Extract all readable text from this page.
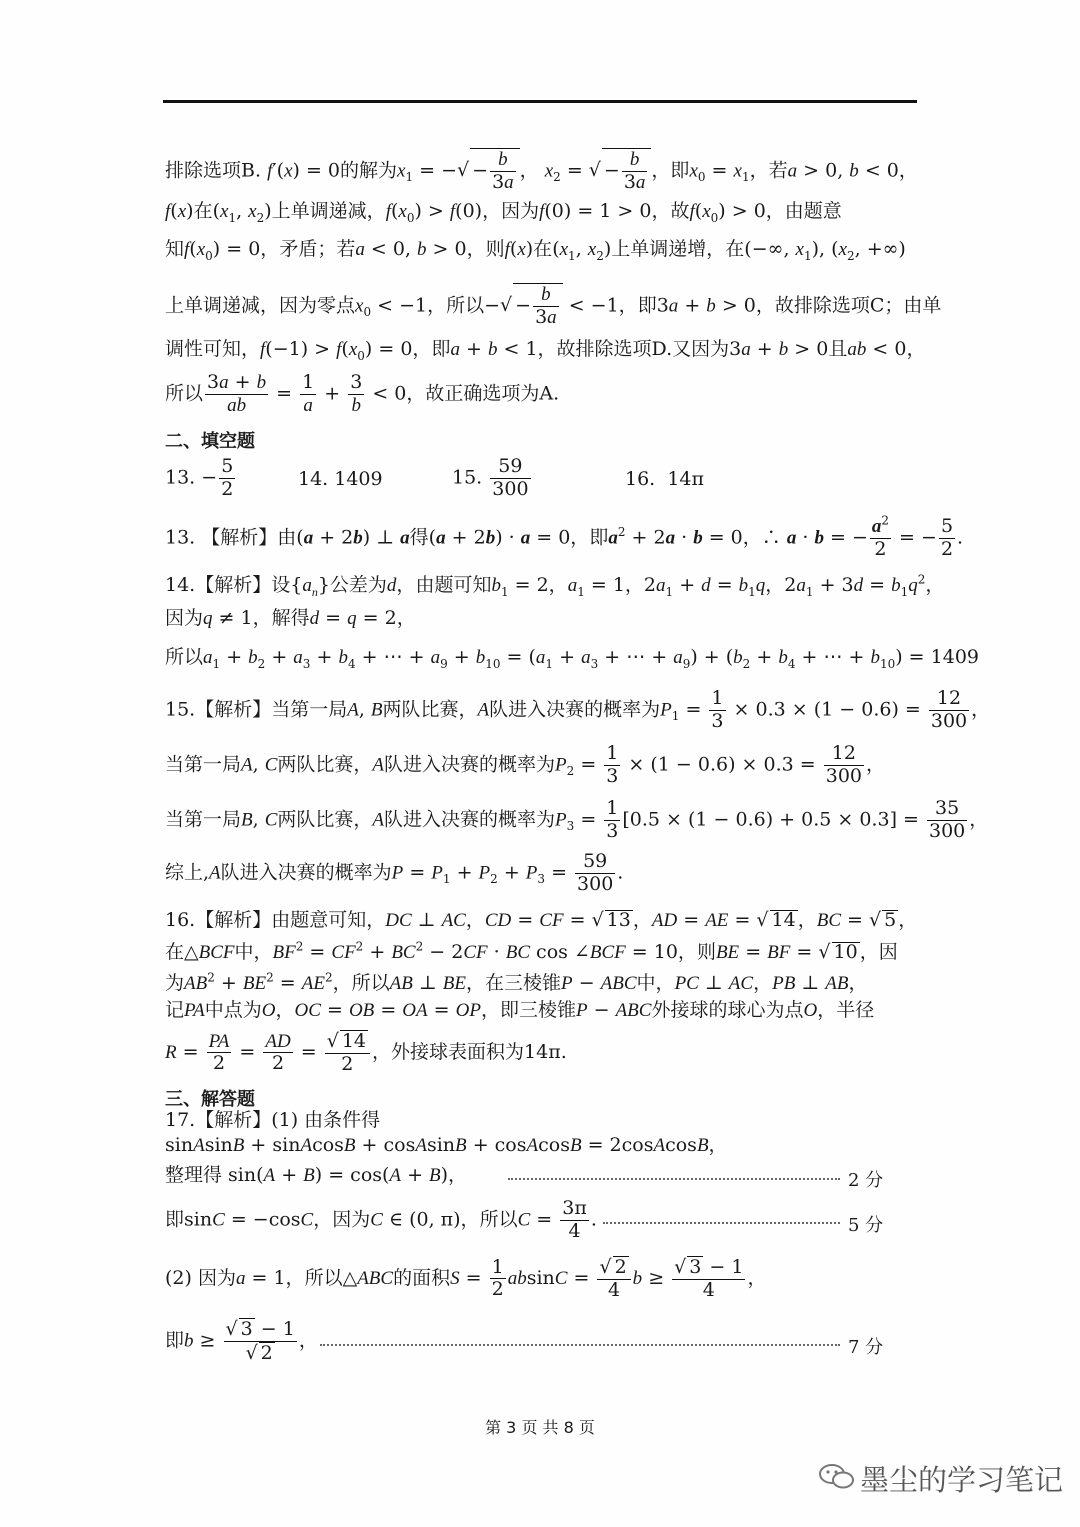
排除选项B. f′(x) = 0的解为$x_1$ = − √ − $\frac{b}{3a}$ ， $x_2$ = √ − $\frac{b}{3a}$ ，即$x_0 = x_1$，若a > 0, b < 0，
f(x)在($x_1$, $x_2$)上单调递减，$f(x_0) > f(0)$，因为f(0) = 1 > 0，故$f(x_0) > 0$，由题意
知$f(x_0) = 0$，矛盾；若a < 0, b > 0，则f(x)在($x_1$, $x_2$)上单调递增，在(−∞, $x_1$), ($x_2$, +∞)
上单调递减，因为零点$x_0 < -1$，所以− √ − $\frac{b}{3a} < -1$，即3a + b > 0，故排除选项C；由单
调性可知，$f(-1) > f(x_0) = 0$，即a + b < 1，故排除选项D.又因为3a + b > 0且ab < 0，
所以 $\frac{3a + b}{ab} = \frac{1}{a} + \frac{3}{b} < 0$，故正确选项为A.
二、填空题
13. − $\frac{5}{2}$	14. 1409	15. $\frac{59}{300}$	16. 14π
13. 【解析】由(a + 2b) ⊥ a得(a + 2b) · a = 0，即$a^2 + 2a \cdot b = 0$，∴ a · b = − $\frac{a^2}{2}$ = − $\frac{5}{2}$ .
14.【解析】设$\{a_n\}$公差为d，由题可知$b_1 = 2$，$a_1 = 1$，$2a_1 + d = b_1q$，$2a_1 + 3d = b_1q^2$，
因为q ≠ 1，解得d = q = 2，
所以$a_1 + b_2 + a_3 + b_4$ + ⋯ + $a_9 + b_{10} = (a_1 + a_3$ + ⋯ + $a_9) + (b_2 + b_4$ + ⋯ + $b_{10}) = 1409$
15.【解析】当第一局A, B两队比赛，A队进入决赛的概率为$P_1 = \frac{1}{3} \times 0.3 \times (1 - 0.6) = \frac{12}{300}$ ，
当第一局A, C两队比赛，A队进入决赛的概率为$P_2 = \frac{1}{3} \times (1 - 0.6) \times 0.3 = \frac{12}{300}$ ，
当第一局B, C两队比赛，A队进入决赛的概率为$P_3 = \frac{1}{3} [0.5 \times (1 - 0.6) + 0.5 \times 0.3] = \frac{35}{300}$ ，
综上,A队进入决赛的概率为$P = P_1 + P_2 + P_3 = \frac{59}{300}$ .
16.【解析】由题意可知，DC ⊥ AC，CD = CF = √ 13 ，AD = AE = √ 14 ，BC = √ 5 ，
在△BCF中，$BF^2 = CF^2 + BC^2 - 2CF$ · BC cos ∠BCF = 10，则BE = BF = √ 10 ，因
为$AB^2 + BE^2 = AE^2$，所以AB ⊥ BE，在三棱锥P − ABC中，PC ⊥ AC，PB ⊥ AB，
记PA中点为O，OC = OB = OA = OP，即三棱锥P − ABC外接球的球心为点O，半径
$R = \frac{PA}{2} = \frac{AD}{2}$ = √ $\frac{14}{2}$ ，外接球表面积为14π.
三、解答题
17.【解析】(1) 由条件得
sinAsinB + sinAcosB + cosAsinB + cosAcosB = 2cosAcosB，
整理得 sin(A + B) = cos(A + B)，	2 分
即sinC = −cosC，因为C ∈ (0, π)，所以$C = \frac{3\pi}{4}$ .	5 分
(2) 因为a = 1，所以△ABC的面积$S = \frac{1}{2}$ absinC = √ $\frac{2}{4}$ b ≥ √ $\frac{3 - 1}{4}$ ，
即b ≥ √ 3 − 1
√ 2 ，	7 分
第 3 页 共 8 页
墨尘的学习笔记
